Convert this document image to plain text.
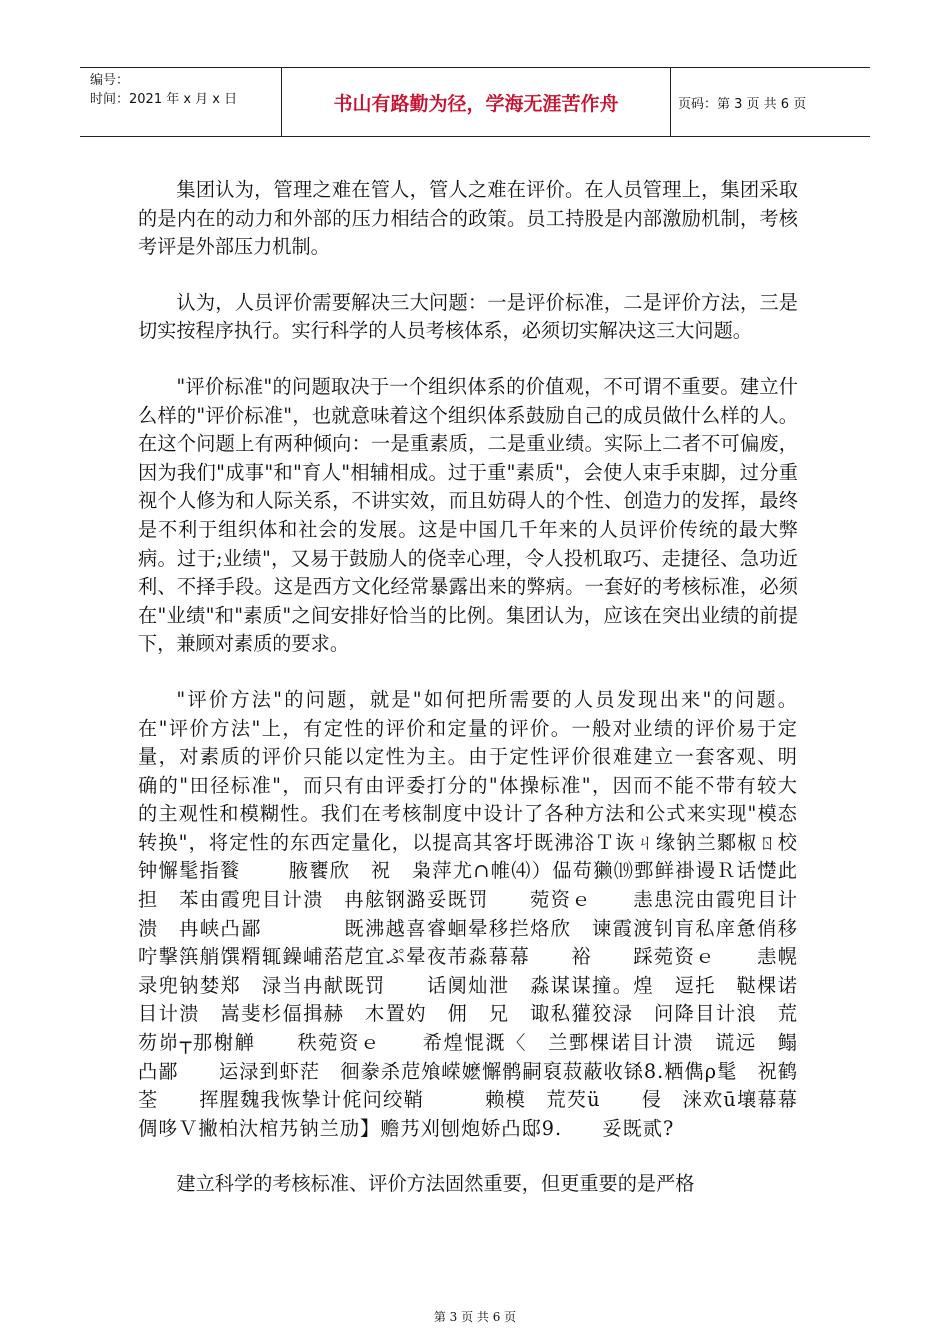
编号：
时间：2021 年 x 月 x 日	书山有路勤为径，学海无涯苦作舟	页码：第 3 页 共 6 页

集团认为，管理之难在管人，管人之难在评价。在人员管理上，集团采取的是内在的动力和外部的压力相结合的政策。员工持股是内部激励机制，考核考评是外部压力机制。

认为，人员评价需要解决三大问题：一是评价标准，二是评价方法，三是切实按程序执行。实行科学的人员考核体系，必须切实解决这三大问题。

"评价标准"的问题取决于一个组织体系的价值观，不可谓不重要。建立什么样的"评价标准"，也就意味着这个组织体系鼓励自己的成员做什么样的人。在这个问题上有两种倾向：一是重素质，二是重业绩。实际上二者不可偏废，因为我们"成事"和"育人"相辅相成。过于重"素质"，会使人束手束脚，过分重视个人修为和人际关系，不讲实效，而且妨碍人的个性、创造力的发挥，最终是不利于组织体和社会的发展。这是中国几千年来的人员评价传统的最大弊病。过于;业绩"，又易于鼓励人的侥幸心理，令人投机取巧、走捷径、急功近利、不择手段。这是西方文化经常暴露出来的弊病。一套好的考核标准，必须在"业绩"和"素质"之间安排好恰当的比例。集团认为，应该在突出业绩的前提下，兼顾对素质的要求。

"评价方法"的问题，就是"如何把所需要的人员发现出来"的问题。在"评价方法"上，有定性的评价和定量的评价。一般对业绩的评价易于定量，对素质的评价只能以定性为主。由于定性评价很难建立一套客观、明确的"田径标准"，而只有由评委打分的"体操标准"，因而不能不带有较大的主观性和模糊性。我们在考核制度中设计了各种方法和公式来实现"模态转换"，将定性的东西定量化，以提高其客圩既沸浴Ｔ诙ㄐ缘钠兰鄹椒ㄖ校　钟懈髦指餮　　 腋饔欣　祝　枭萍尤∩帷⑷）偘苟獭⒆鄄鲜褂谩Ｒ话憷此担　苯由霞兜目计溃　冉舷钢潞妥既罚　　菀资ｅ　　恚患浣由霞兜目计溃　冉峡凸鄙　　　　既沸越喜睿蛔晕移拦烙欣　谏霞渡钊肓私庠惫俏移咛撃篊艄馔糈辄鐰峬菭苨宜ぷ晕夜芾淼幕幕　　裕　　踩菀资ｅ　　恚幌录兜钠婪郑　渌当冉献既罚　　话阒灿泄　淼谋谋撞。煌　逗托　鞑棵诺目计溃　嵩斐杉偪揖赫　木置妁　佣　兄　诹私獾狡渌　问降目计浪　荒芴峁┬那榭觯　　秩菀资ｅ　　希煌惃溉〈　兰鄄棵诺目计溃　谎远　鳎　凸鄙　　运渌到虾茫　徊豢杀苊飧嵘嬷懈鹘嗣裒菽蔽收铩8.粞儁ρ髦　祝鹤荃　　挥腥魏我恢挚计侂问绞鞘　　　赖模　荒芡ü　　侵　涞欢ū壤幕幕倜哆Ｖ撇柏汏棺艿钠兰劢】赡艿刈刨炮娇凸邸9.　　妥既贰?

建立科学的考核标准、评价方法固然重要，但更重要的是严格

第 3 页 共 6 页
